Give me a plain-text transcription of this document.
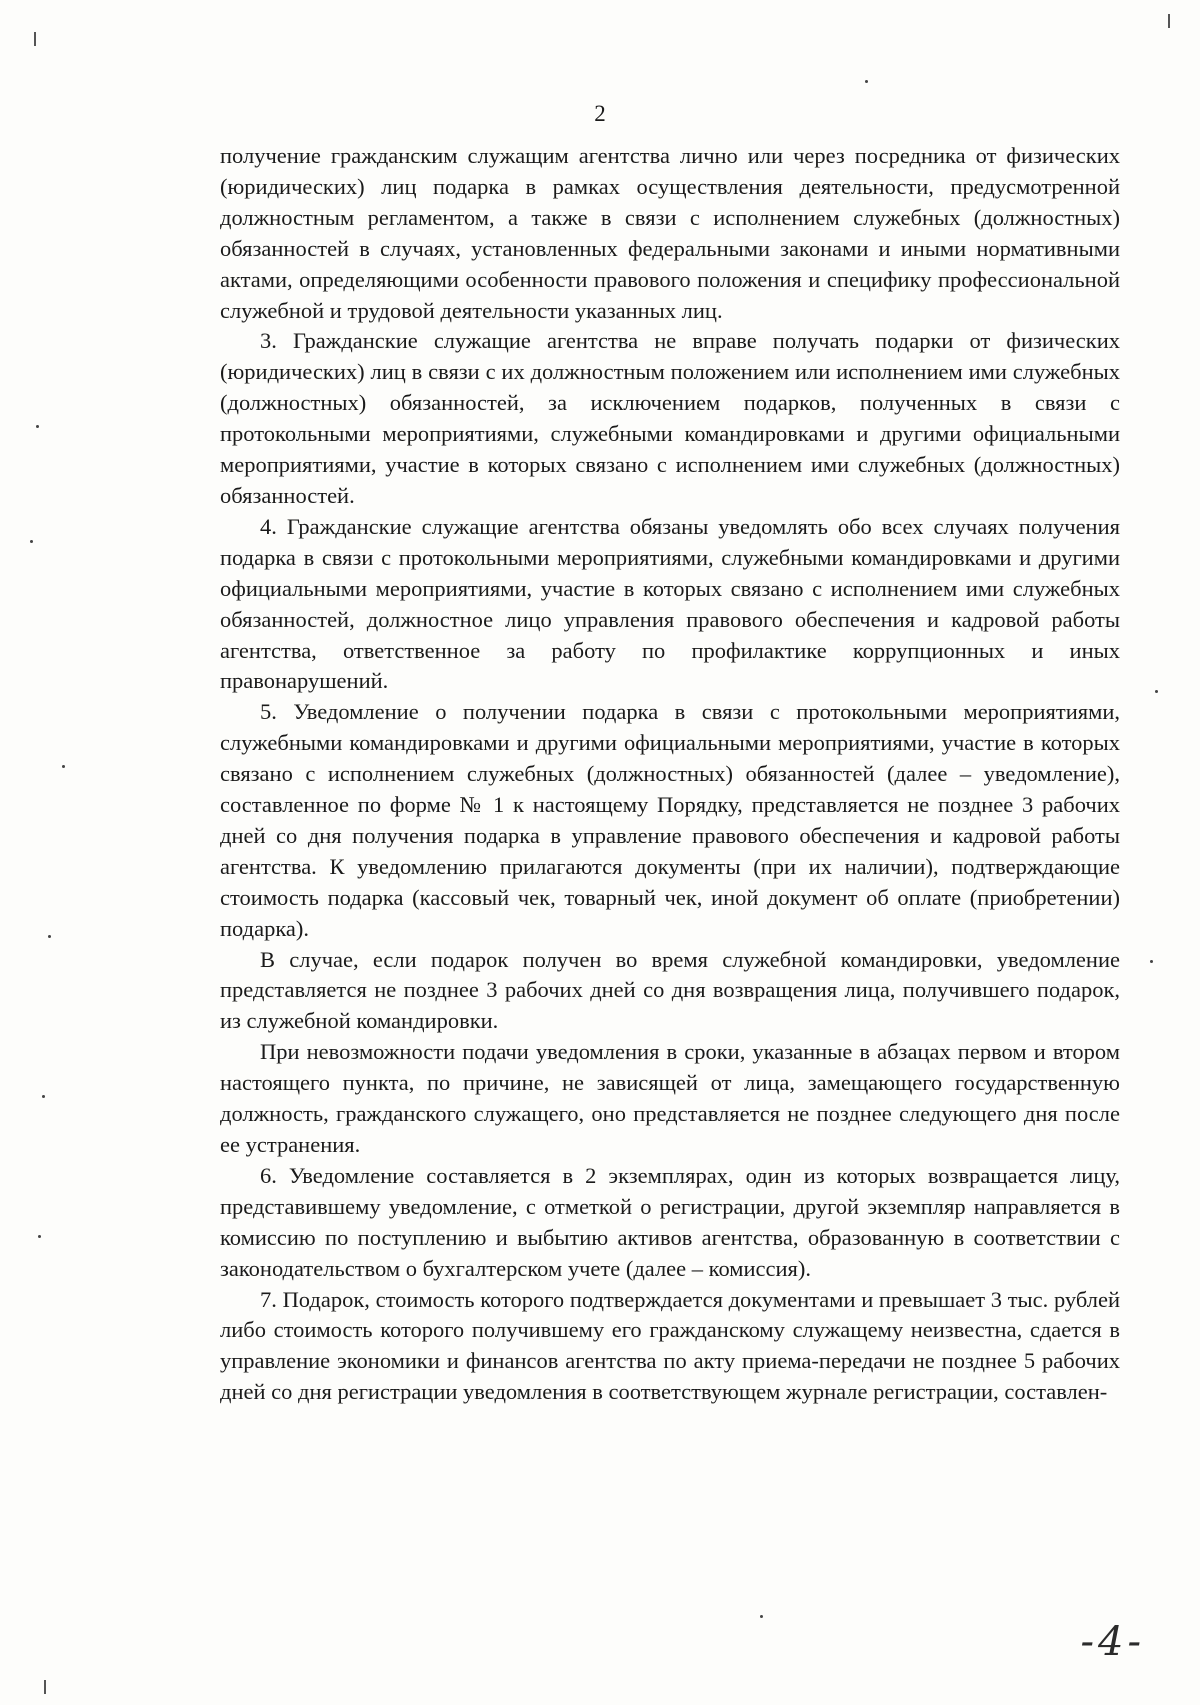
2

получение гражданским служащим агентства лично или через посредника от физических (юридических) лиц подарка в рамках осуществления деятельности, предусмотренной должностным регламентом, а также в связи с исполнением служебных (должностных) обязанностей в случаях, установленных федеральными законами и иными нормативными актами, определяющими особенности правового положения и специфику профессиональной служебной и трудовой деятельности указанных лиц.

3. Гражданские служащие агентства не вправе получать подарки от физических (юридических) лиц в связи с их должностным положением или исполнением ими служебных (должностных) обязанностей, за исключением подарков, полученных в связи с протокольными мероприятиями, служебными командировками и другими официальными мероприятиями, участие в которых связано с исполнением ими служебных (должностных) обязанностей.

4. Гражданские служащие агентства обязаны уведомлять обо всех случаях получения подарка в связи с протокольными мероприятиями, служебными командировками и другими официальными мероприятиями, участие в которых связано с исполнением ими служебных обязанностей, должностное лицо управления правового обеспечения и кадровой работы агентства, ответственное за работу по профилактике коррупционных и иных правонарушений.

5. Уведомление о получении подарка в связи с протокольными мероприятиями, служебными командировками и другими официальными мероприятиями, участие в которых связано с исполнением служебных (должностных) обязанностей (далее – уведомление), составленное по форме № 1 к настоящему Порядку, представляется не позднее 3 рабочих дней со дня получения подарка в управление правового обеспечения и кадровой работы агентства. К уведомлению прилагаются документы (при их наличии), подтверждающие стоимость подарка (кассовый чек, товарный чек, иной документ об оплате (приобретении) подарка).

В случае, если подарок получен во время служебной командировки, уведомление представляется не позднее 3 рабочих дней со дня возвращения лица, получившего подарок, из служебной командировки.

При невозможности подачи уведомления в сроки, указанные в абзацах первом и втором настоящего пункта, по причине, не зависящей от лица, замещающего государственную должность, гражданского служащего, оно представляется не позднее следующего дня после ее устранения.

6. Уведомление составляется в 2 экземплярах, один из которых возвращается лицу, представившему уведомление, с отметкой о регистрации, другой экземпляр направляется в комиссию по поступлению и выбытию активов агентства, образованную в соответствии с законодательством о бухгалтерском учете (далее – комиссия).

7. Подарок, стоимость которого подтверждается документами и превышает 3 тыс. рублей либо стоимость которого получившему его гражданскому служащему неизвестна, сдается в управление экономики и финансов агентства по акту приема-передачи не позднее 5 рабочих дней со дня регистрации уведомления в соответствующем журнале регистрации, составлен-

-4-
